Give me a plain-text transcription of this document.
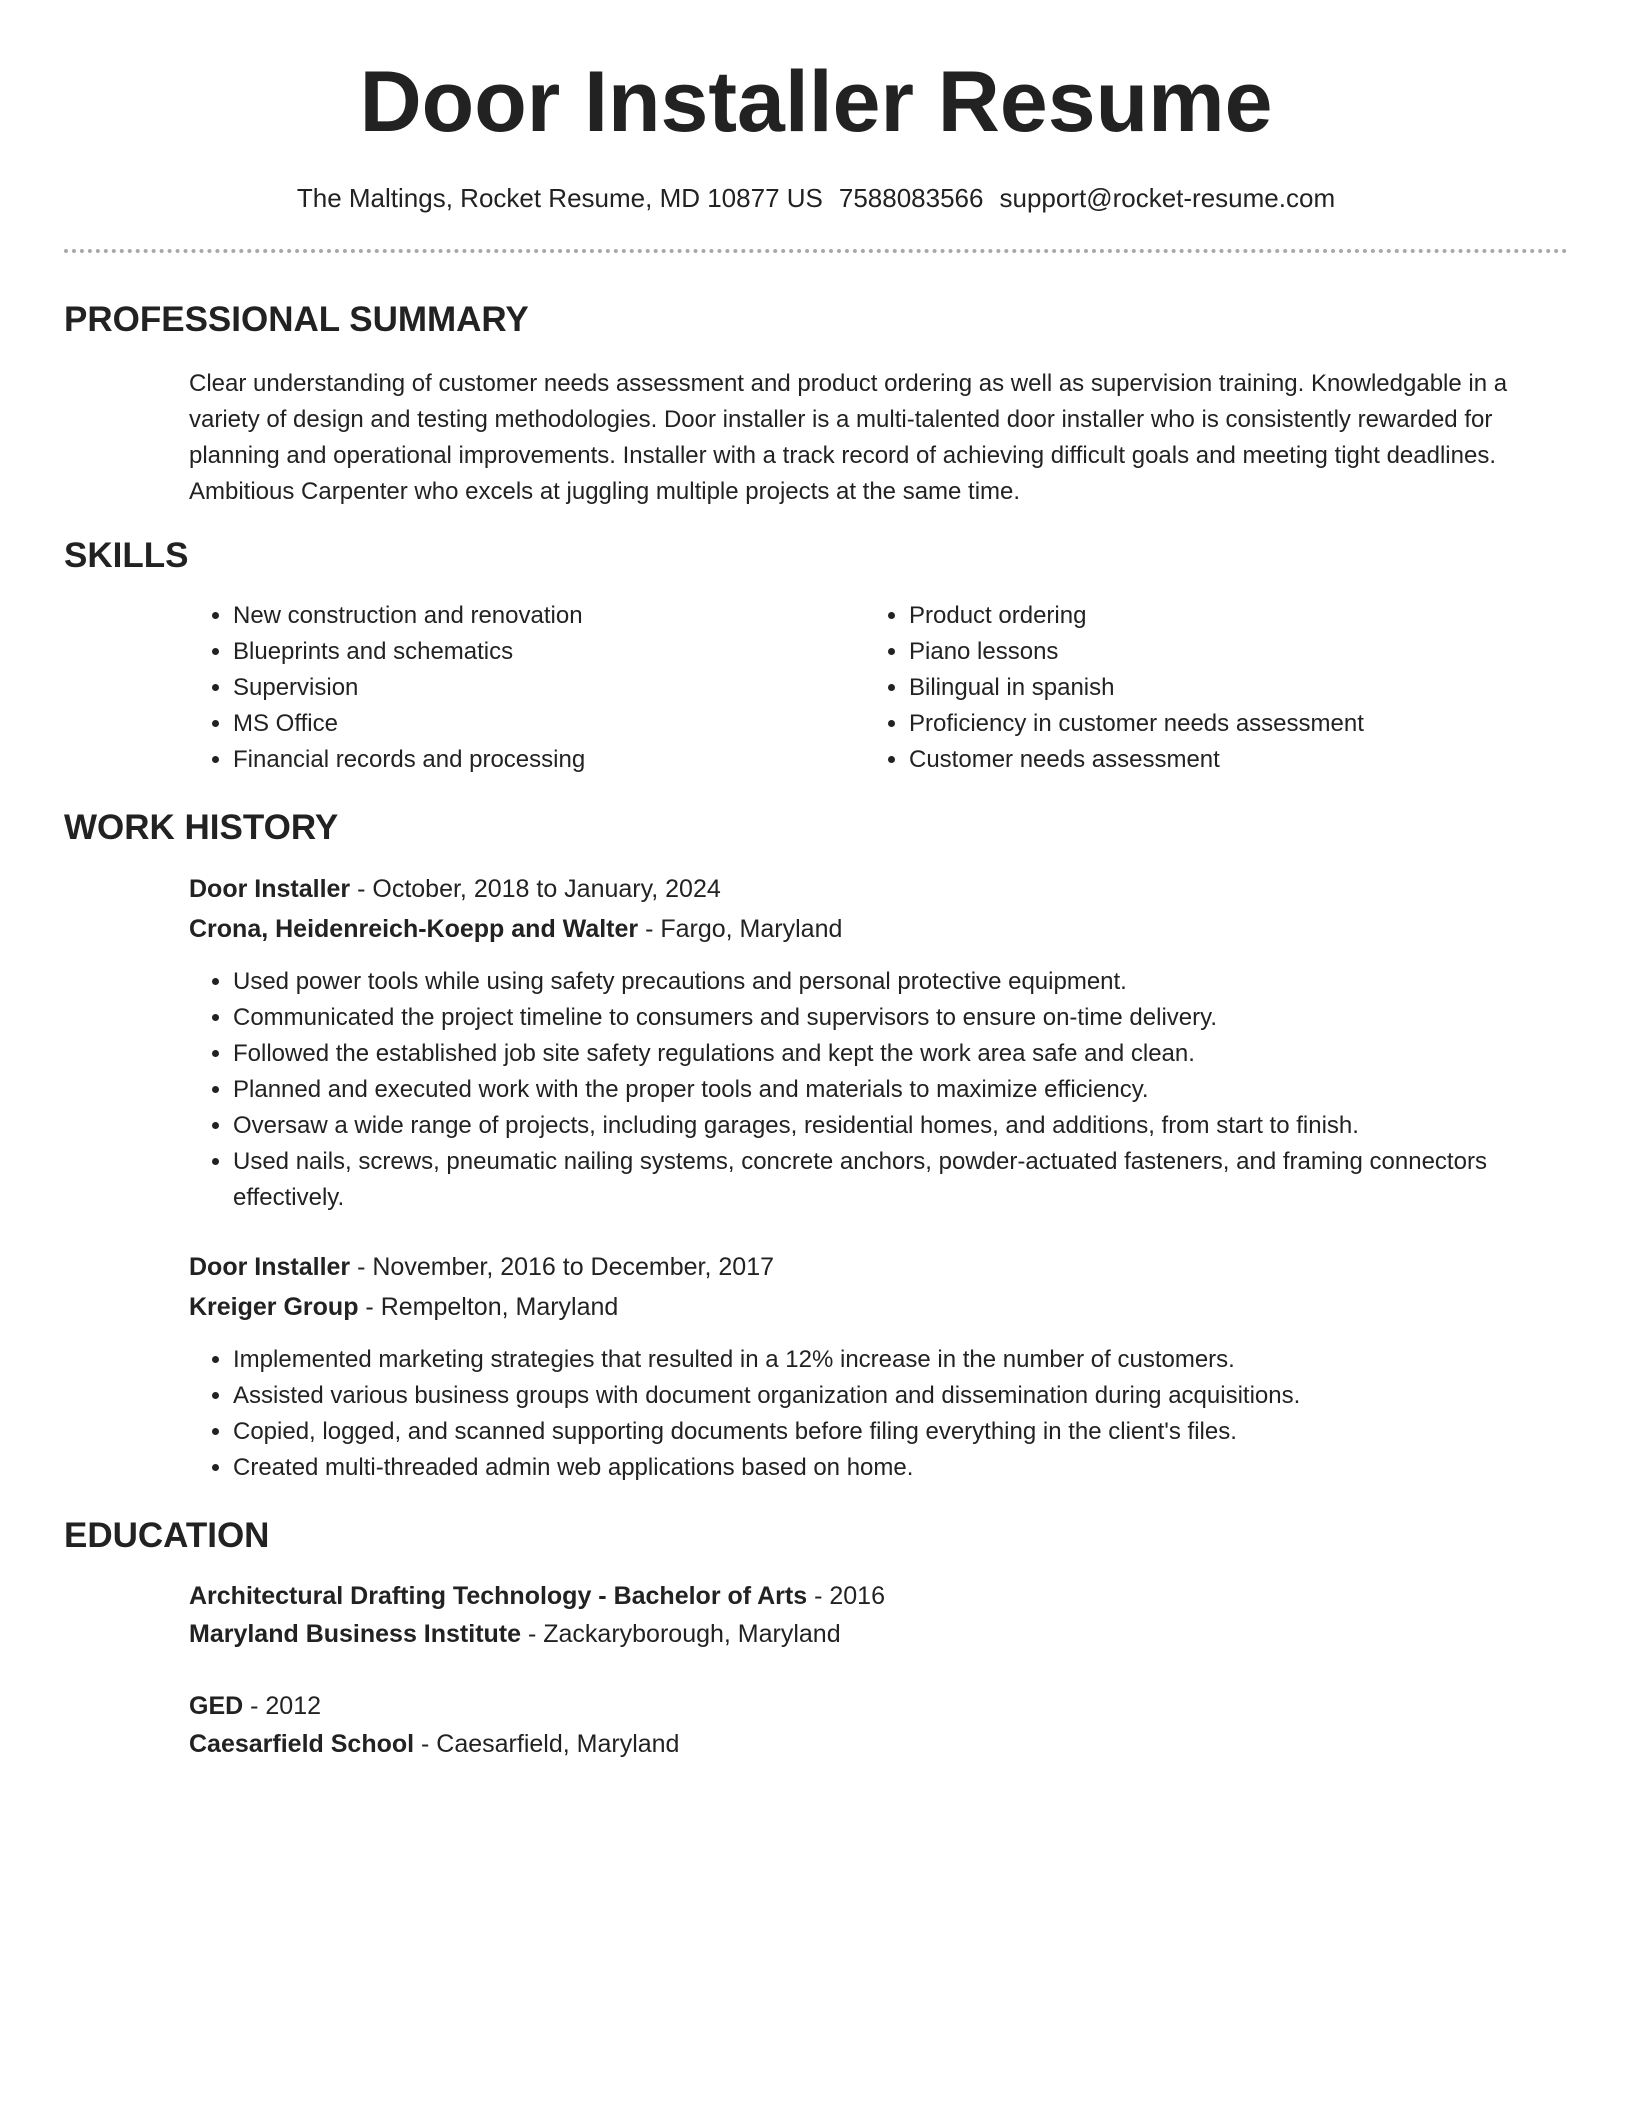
Door Installer Resume
The Maltings, Rocket Resume, MD 10877 US 7588083566 support@rocket-resume.com
PROFESSIONAL SUMMARY

Clear understanding of customer needs assessment and product ordering as well as supervision training. Knowledgable in a variety of design and testing methodologies. Door installer is a multi-talented door installer who is consistently rewarded for planning and operational improvements. Installer with a track record of achieving difficult goals and meeting tight deadlines. Ambitious Carpenter who excels at juggling multiple projects at the same time.

SKILLS
• New construction and renovation
• Blueprints and schematics
• Supervision
• MS Office
• Financial records and processing
• Product ordering
• Piano lessons
• Bilingual in spanish
• Proficiency in customer needs assessment
• Customer needs assessment
WORK HISTORY
Door Installer - October, 2018 to January, 2024
Crona, Heidenreich-Koepp and Walter - Fargo, Maryland
• Used power tools while using safety precautions and personal protective equipment.
• Communicated the project timeline to consumers and supervisors to ensure on-time delivery.
• Followed the established job site safety regulations and kept the work area safe and clean.
• Planned and executed work with the proper tools and materials to maximize efficiency.
• Oversaw a wide range of projects, including garages, residential homes, and additions, from start to finish.
• Used nails, screws, pneumatic nailing systems, concrete anchors, powder-actuated fasteners, and framing connectors effectively.
Door Installer - November, 2016 to December, 2017
Kreiger Group - Rempelton, Maryland
• Implemented marketing strategies that resulted in a 12% increase in the number of customers.
• Assisted various business groups with document organization and dissemination during acquisitions.
• Copied, logged, and scanned supporting documents before filing everything in the client's files.
• Created multi-threaded admin web applications based on home.
EDUCATION
Architectural Drafting Technology - Bachelor of Arts - 2016
Maryland Business Institute - Zackaryborough, Maryland
GED - 2012
Caesarfield School - Caesarfield, Maryland
